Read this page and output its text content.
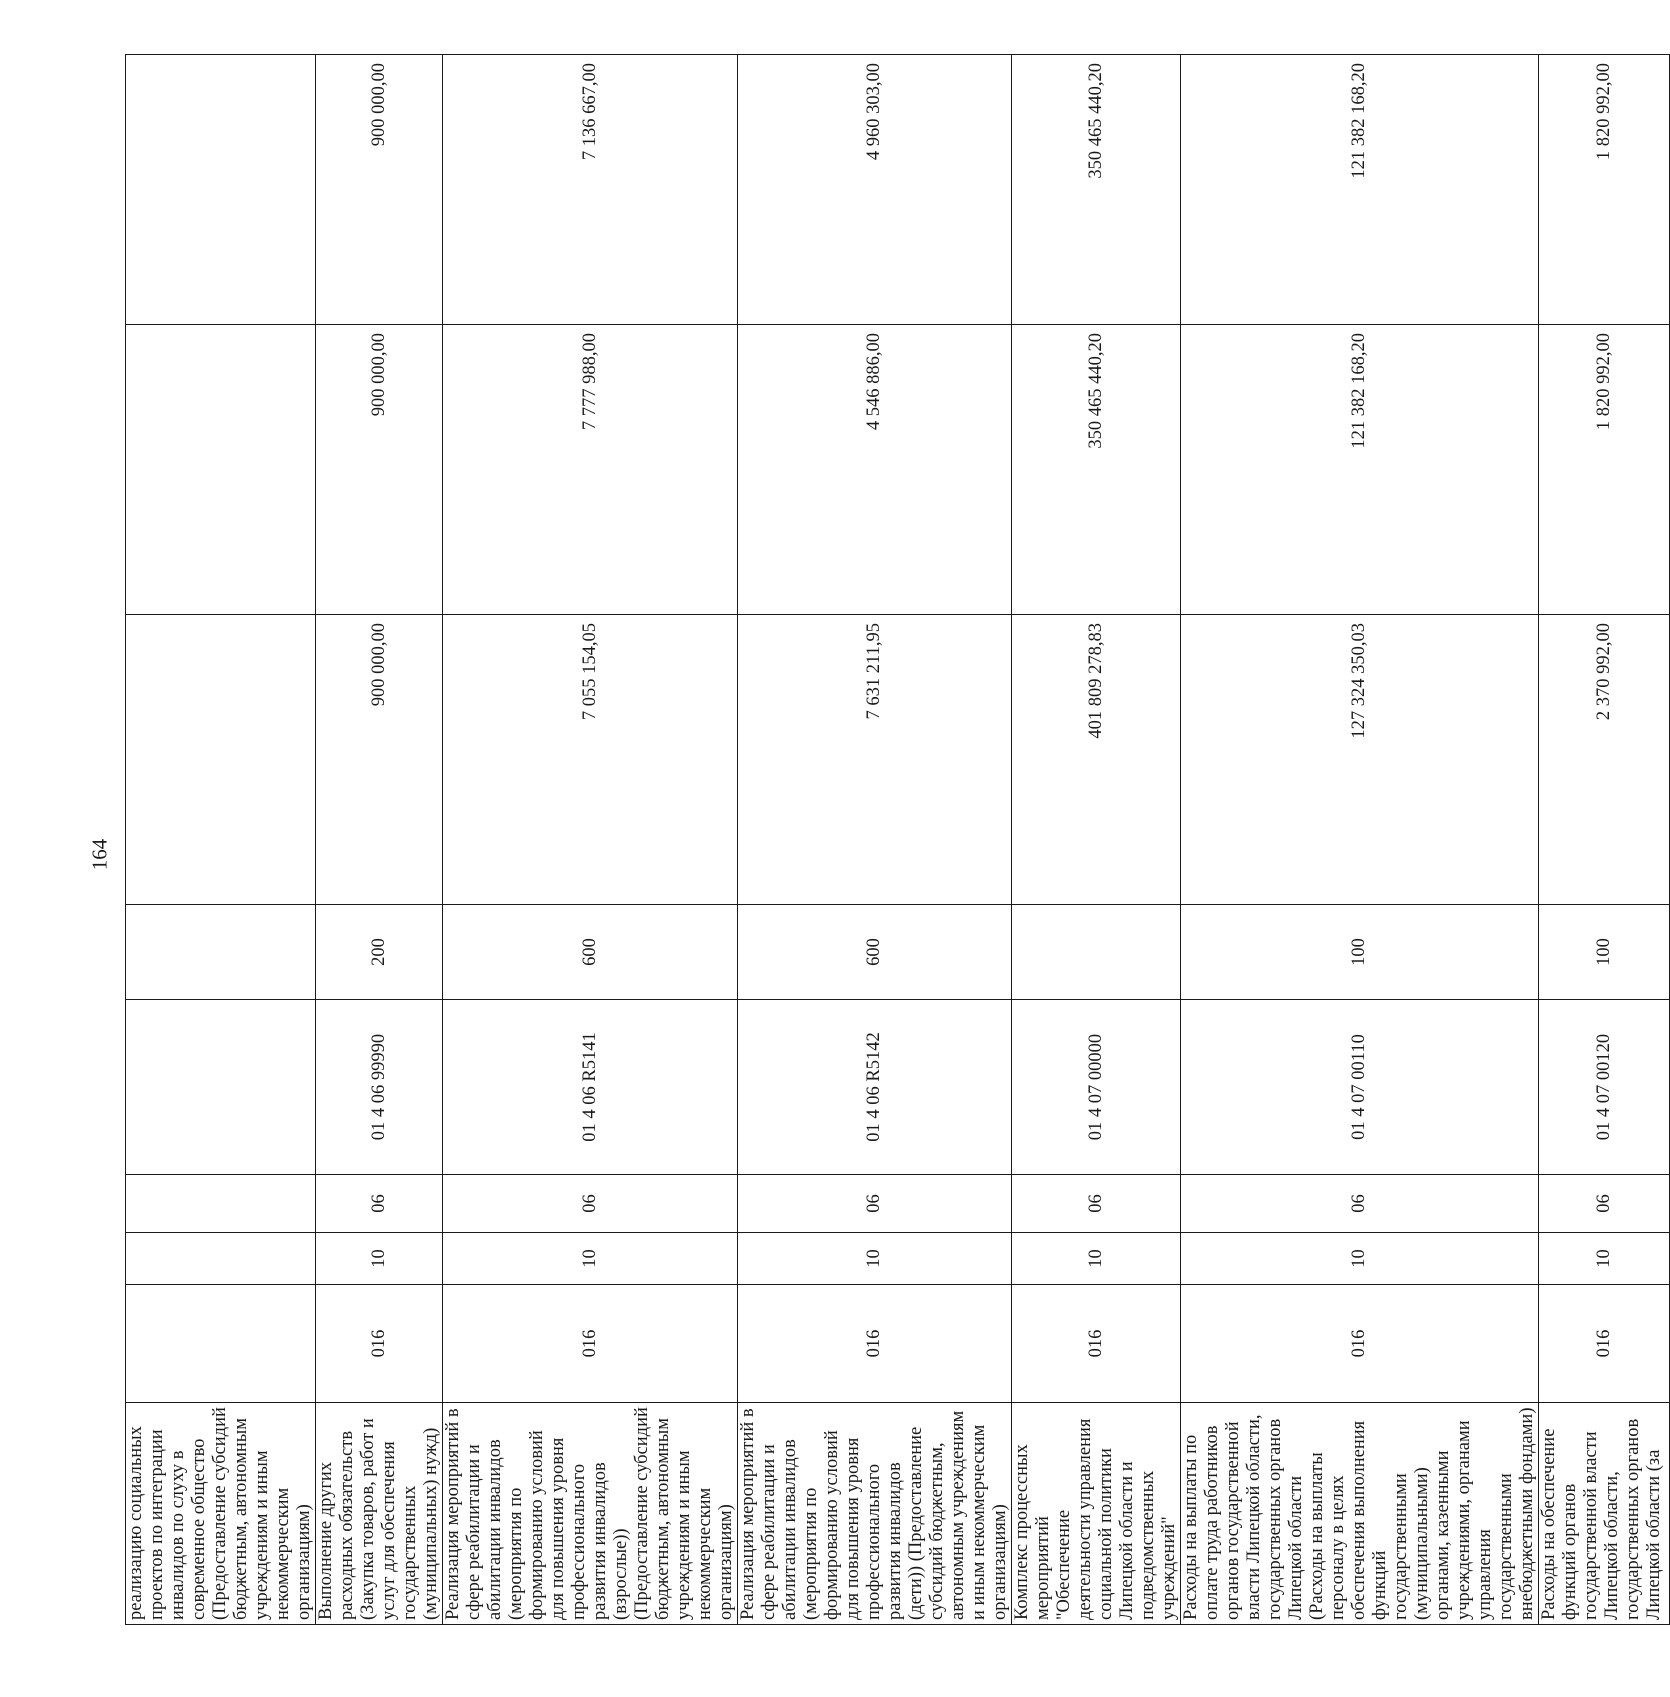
164
реализацию социальных проектов по интеграции инвалидов по слуху в современное общество (Предоставление субсидий бюджетным, автономным учреждениям и иным некоммерческим организациям)								
Выполнение других расходных обязательств (Закупка товаров, работ и услуг для обеспечения государственных (муниципальных) нужд)	016	10	06	01 4 06 99990	200	900 000,00	900 000,00	900 000,00
Реализация мероприятий в сфере реабилитации и абилитации инвалидов (мероприятия по формированию условий для повышения уровня профессионального развития инвалидов (взрослые)) (Предоставление субсидий бюджетным, автономным учреждениям и иным некоммерческим организациям)	016	10	06	01 4 06 R5141	600	7 055 154,05	7 777 988,00	7 136 667,00
Реализация мероприятий в сфере реабилитации и абилитации инвалидов (мероприятия по формированию условий для повышения уровня профессионального развития инвалидов (дети)) (Предоставление субсидий бюджетным, автономным учреждениям и иным некоммерческим организациям)	016	10	06	01 4 06 R5142	600	7 631 211,95	4 546 886,00	4 960 303,00
Комплекс процессных мероприятий "Обеспечение деятельности управления социальной политики Липецкой области и подведомственных учреждений"	016	10	06	01 4 07 00000		401 809 278,83	350 465 440,20	350 465 440,20
Расходы на выплаты по оплате труда работников органов государственной власти Липецкой области, государственных органов Липецкой области (Расходы на выплаты персоналу в целях обеспечения выполнения функций государственными (муниципальными) органами, казенными учреждениями, органами управления государственными внебюджетными фондами)	016	10	06	01 4 07 00110	100	127 324 350,03	121 382 168,20	121 382 168,20
Расходы на обеспечение функций органов государственной власти Липецкой области, государственных органов Липецкой области (за	016	10	06	01 4 07 00120	100	2 370 992,00	1 820 992,00	1 820 992,00
